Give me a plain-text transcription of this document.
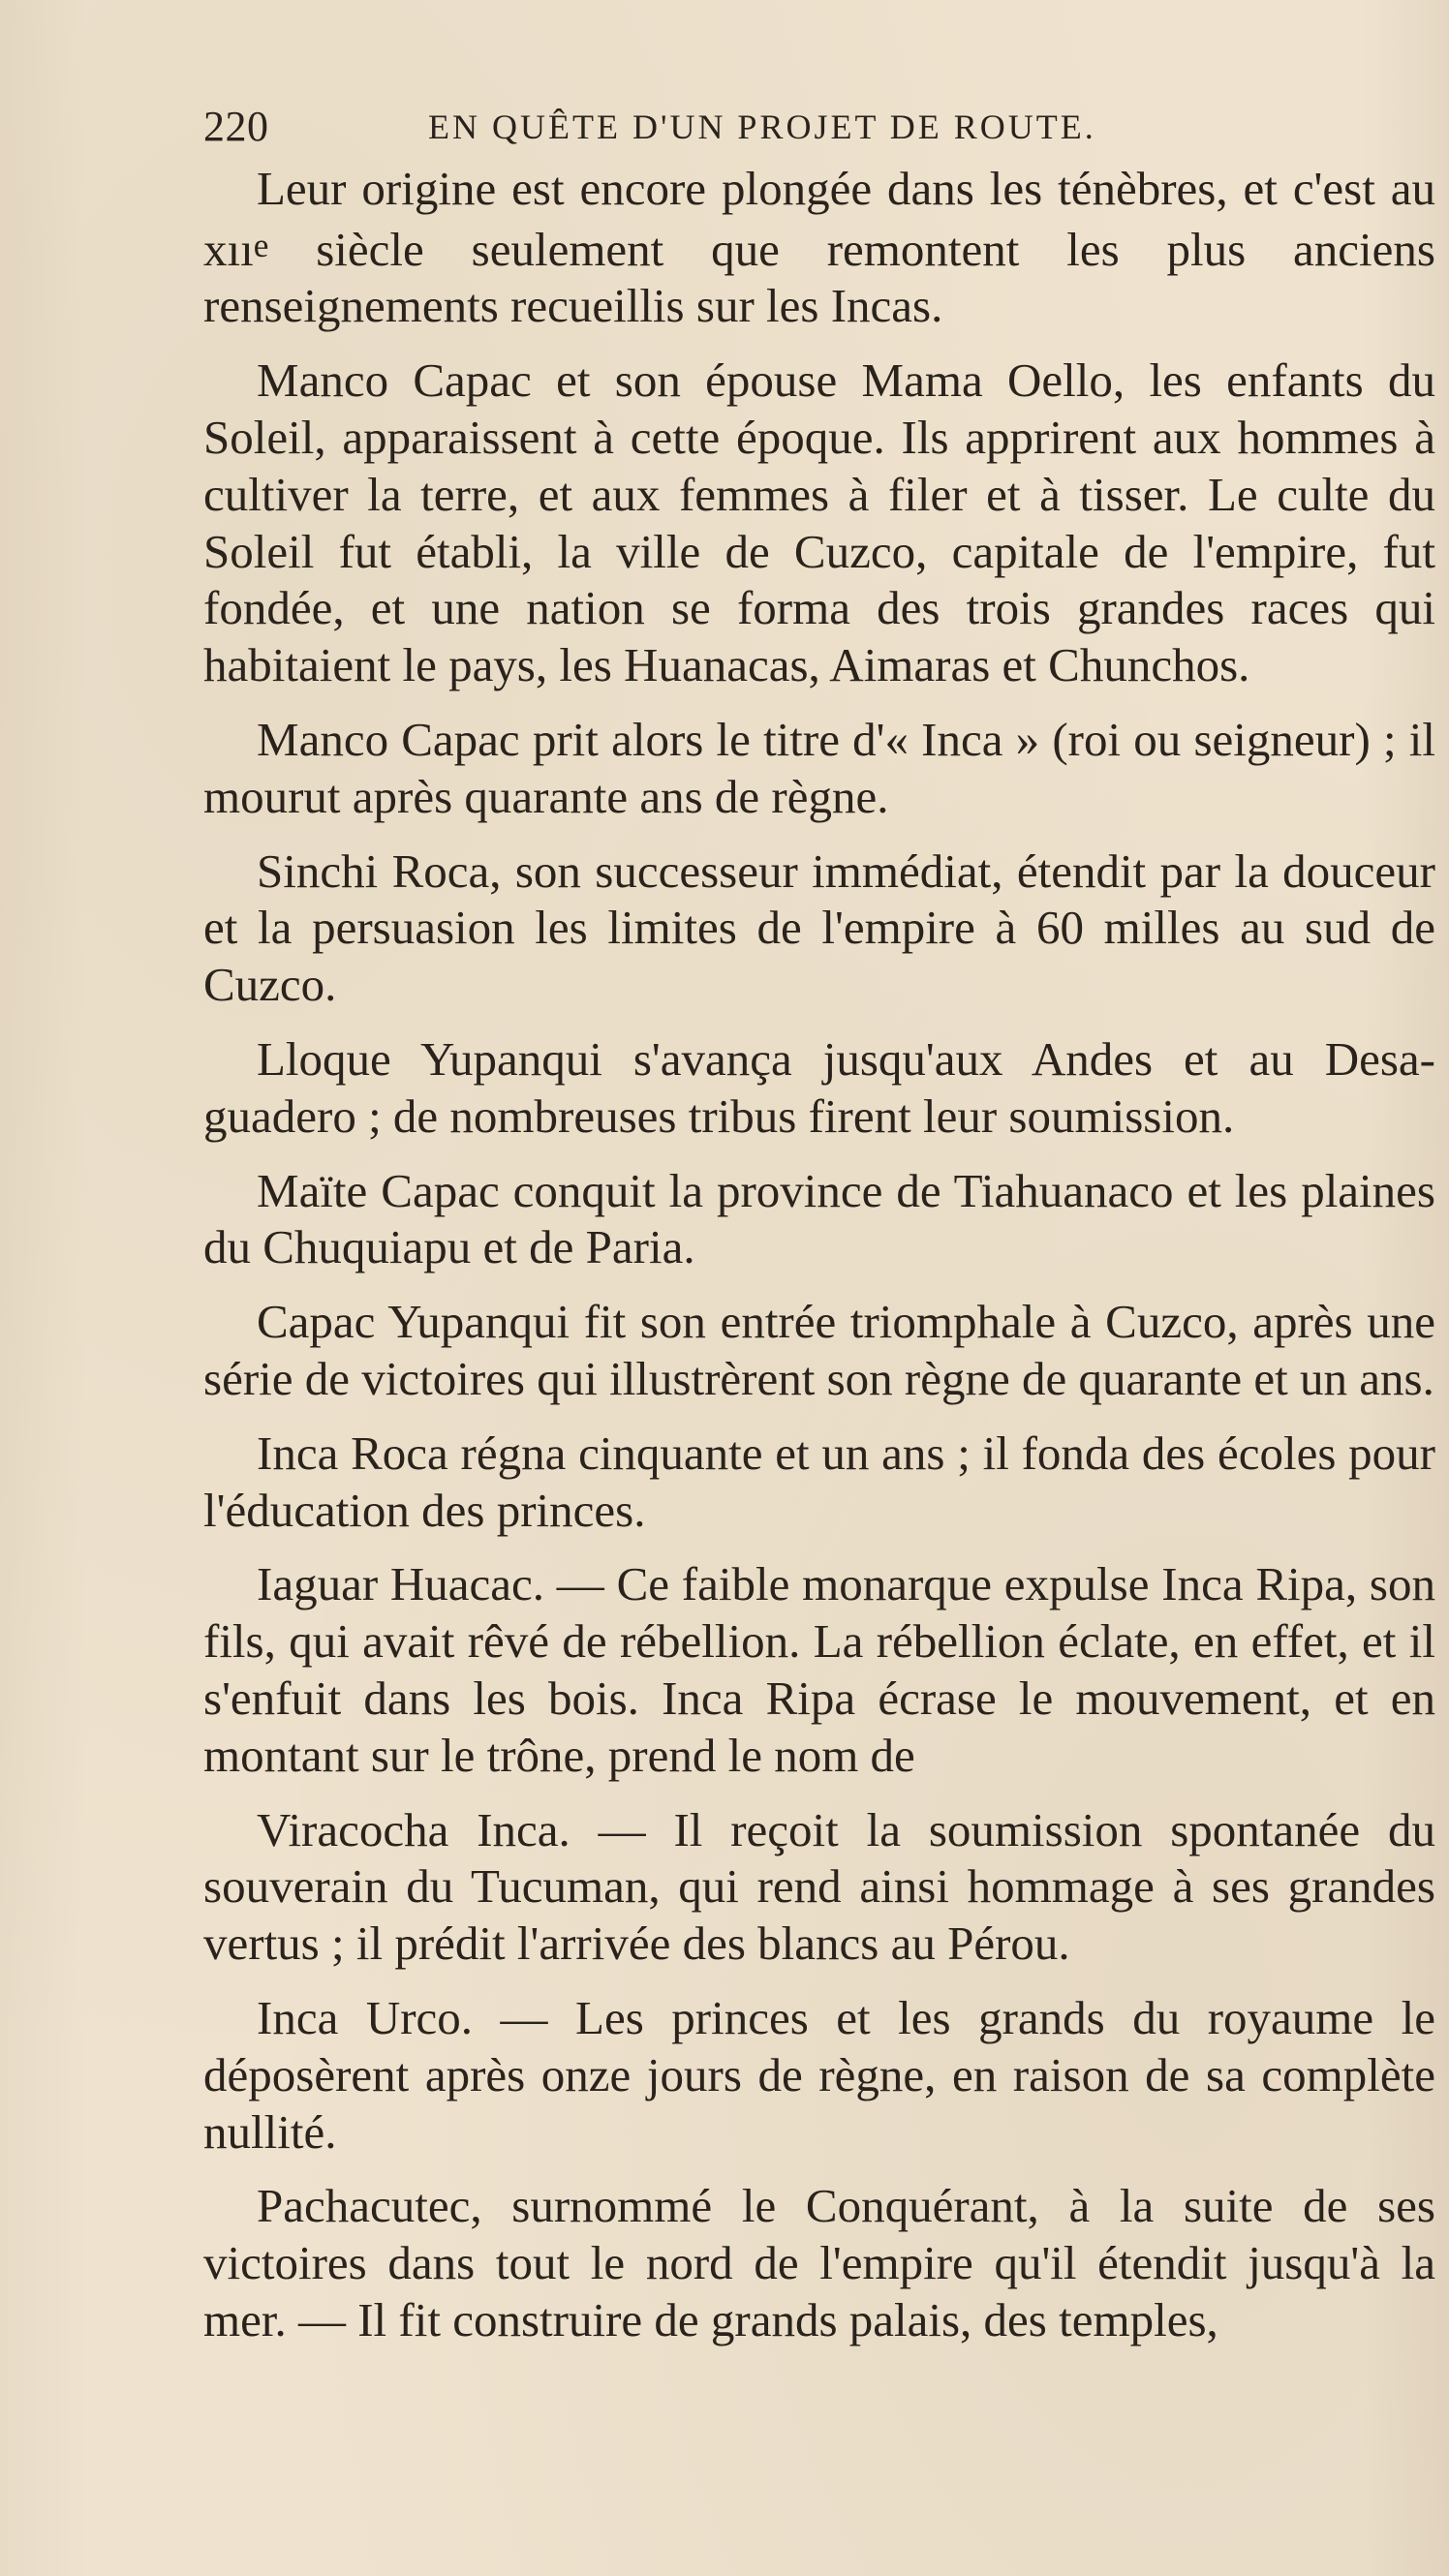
220	EN QUÊTE D'UN PROJET DE ROUTE.

Leur origine est encore plongée dans les ténèbres, et c'est au xııe siècle seulement que remontent les plus anciens renseignements recueillis sur les Incas.

Manco Capac et son épouse Mama Oello, les enfants du Soleil, apparaissent à cette époque. Ils apprirent aux hommes à cultiver la terre, et aux femmes à filer et à tisser. Le culte du Soleil fut établi, la ville de Cuzco, capitale de l'empire, fut fondée, et une nation se forma des trois grandes races qui habitaient le pays, les Huanacas, Aimaras et Chunchos.

Manco Capac prit alors le titre d'« Inca » (roi ou seigneur) ; il mourut après quarante ans de règne.

Sinchi Roca, son successeur immédiat, étendit par la douceur et la persuasion les limites de l'empire à 60 milles au sud de Cuzco.

Lloque Yupanqui s'avança jusqu'aux Andes et au Desaguadero ; de nombreuses tribus firent leur soumission.

Maïte Capac conquit la province de Tiahuanaco et les plaines du Chuquiapu et de Paria.

Capac Yupanqui fit son entrée triomphale à Cuzco, après une série de victoires qui illustrèrent son règne de quarante et un ans.

Inca Roca régna cinquante et un ans ; il fonda des écoles pour l'éducation des princes.

Iaguar Huacac. — Ce faible monarque expulse Inca Ripa, son fils, qui avait rêvé de rébellion. La rébellion éclate, en effet, et il s'enfuit dans les bois. Inca Ripa écrase le mouvement, et en montant sur le trône, prend le nom de

Viracocha Inca. — Il reçoit la soumission spontanée du souverain du Tucuman, qui rend ainsi hommage à ses grandes vertus ; il prédit l'arrivée des blancs au Pérou.

Inca Urco. — Les princes et les grands du royaume le déposèrent après onze jours de règne, en raison de sa complète nullité.

Pachacutec, surnommé le Conquérant, à la suite de ses victoires dans tout le nord de l'empire qu'il étendit jusqu'à la mer. — Il fit construire de grands palais, des temples,
